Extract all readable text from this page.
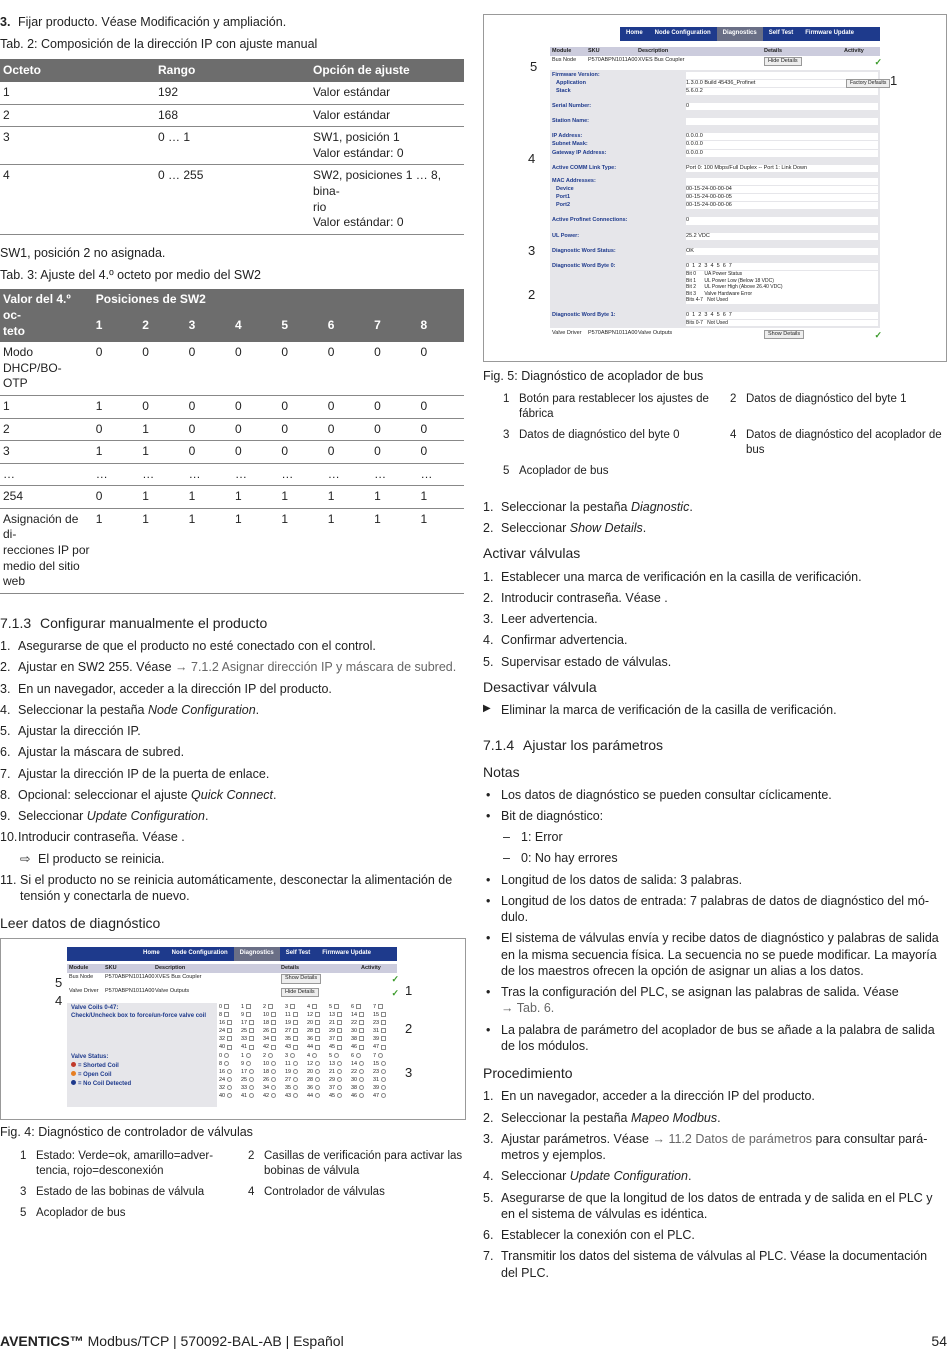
3. Fijar producto. Véase Modificación y ampliación.
Tab. 2: Composición de la dirección IP con ajuste manual
Octeto	Rango	Opción de ajuste
1	192	Valor estándar
2	168	Valor estándar
3	0 … 1	SW1, posición 1
Valor estándar: 0
4	0 … 255	SW2, posiciones 1 … 8, bina-
rio
Valor estándar: 0
SW1, posición 2 no asignada.
Tab. 3: Ajuste del 4.º octeto por medio del SW2
Valor del 4.º oc-
teto	Posiciones de SW2							
	1	2	3	4	5	6	7	8
Modo DHCP/BO-
OTP	0	0	0	0	0	0	0	0
1	1	0	0	0	0	0	0	0
2	0	1	0	0	0	0	0	0
3	1	1	0	0	0	0	0	0
…	…	…	…	…	…	…	…	…
254	0	1	1	1	1	1	1	1
Asignación de di-
recciones IP por
medio del sitio
web	1	1	1	1	1	1	1	1
7.1.3 Configurar manualmente el producto
1. Asegurarse de que el producto no esté conectado con el control.
2. Ajustar en SW2 255. Véase → 7.1.2 Asignar dirección IP y máscara de subred.
3. En un navegador, acceder a la dirección IP del producto.
4. Seleccionar la pestaña Node Configuration.
5. Ajustar la dirección IP.
6. Ajustar la máscara de subred.
7. Ajustar la dirección IP de la puerta de enlace.
8. Opcional: seleccionar el ajuste Quick Connect.
9. Seleccionar Update Configuration.
10. Introducir contraseña. Véase .
⇨ El producto se reinicia.
11. Si el producto no se reinicia automáticamente, desconectar la alimentación de tensión y conectarla de nuevo.
Leer datos de diagnóstico
Home	Node Configuration	Diagnostics	Self Test	Firmware Update
Module	SKU	Description	Details	Activity
Bus Node	P570ABPN1011A00 XVES Bus Coupler	Show Details	✓
Valve Driver	P570ABPN1011A00 Valve Outputs	Hide Details	✓
Valve Coils 0-47:
Check/Uncheck box to force/un-force valve coil
Valve Status:
= Shorted Coil
= Open Coil
= No Coil Detected
0	1	2	3	4	5	6	7
8	9	10	11	12	13	14	15
16	17	18	19	20	21	22	23
24	25	26	27	28	29	30	31
32	33	34	35	36	37	38	39
40	41	42	43	44	45	46	47
0	1	2	3	4	5	6	7
8	9	10	11	12	13	14	15
16	17	18	19	20	21	22	23
24	25	26	27	28	29	30	31
32	33	34	35	36	37	38	39
40	41	42	43	44	45	46	47
5
4
1
2
3
Fig. 4: Diagnóstico de controlador de válvulas
1 Estado: Verde=ok, amarillo=adver-
tencia, rojo=desconexión
2 Casillas de verificación para activar las bobinas de válvula
3 Estado de las bobinas de válvula	4 Controlador de válvulas
5 Acoplador de bus
Home	Node Configuration	Diagnostics	Self Test	Firmware Update
Module	SKU	Description	Details	Activity
Bus Node	P570ABPN1011A00 XVES Bus Coupler	Hide Details	✓
Firmware Version:
Application	1.3.0.0 Build 45436_Profinet
Stack	5.6.0.2
Serial Number:	0
Station Name:
IP Address:	0.0.0.0
Subnet Mask:	0.0.0.0
Gateway IP Address:	0.0.0.0
Active COMM Link Type:	Port 0: 100 Mbps/Full Duplex -- Port 1: Link Down
MAC Addresses:
Device	00-15-24-00-00-04
Port1	00-15-24-00-00-05
Port2	00-15-24-00-00-06
Active Profinet Connections:	0
UL Power:	25.2 VDC
Diagnostic Word Status:	OK
Diagnostic Word Byte 0:	0  1  2  3  4  5  6  7
Bit 0      UA Power Status
Bit 1      UL Power Low (Below 18 VDC)
Bit 2      UL Power High (Above 26.40 VDC)
Bit 3      Valve Hardware Error
Bits 4-7   Not Used
Diagnostic Word Byte 1:	0  1  2  3  4  5  6  7
Bits 0-7   Not Used
Valve Driver	P570ABPN1011A00 Valve Outputs	Show Details	✓
Factory Defaults
5
1
4
3
2
Fig. 5: Diagnóstico de acoplador de bus
1 Botón para restablecer los ajustes de fábrica
2 Datos de diagnóstico del byte 1
3 Datos de diagnóstico del byte 0	4 Datos de diagnóstico del acoplador de bus
5 Acoplador de bus
1. Seleccionar la pestaña Diagnostic.
2. Seleccionar Show Details.
Activar válvulas
1. Establecer una marca de verificación en la casilla de verificación.
2. Introducir contraseña. Véase .
3. Leer advertencia.
4. Confirmar advertencia.
5. Supervisar estado de válvulas.
Desactivar válvula
▶ Eliminar la marca de verificación de la casilla de verificación.
7.1.4 Ajustar los parámetros
Notas
• Los datos de diagnóstico se pueden consultar cíclicamente.
• Bit de diagnóstico:
– 1: Error
– 0: No hay errores
• Longitud de los datos de salida: 3 palabras.
• Longitud de los datos de entrada: 7 palabras de datos de diagnóstico del mó-
dulo.
• El sistema de válvulas envía y recibe datos de diagnóstico y palabras de salida en la misma secuencia física. La secuencia no se puede modificar. La mayoría de los maestros ofrecen la opción de asignar un alias a los datos.
• Tras la configuración del PLC, se asignan las palabras de salida. Véase
→ Tab. 6.
• La palabra de parámetro del acoplador de bus se añade a la palabra de salida de los módulos.
Procedimiento
1. En un navegador, acceder a la dirección IP del producto.
2. Seleccionar la pestaña Mapeo Modbus.
3. Ajustar parámetros. Véase → 11.2 Datos de parámetros para consultar pará-
metros y ejemplos.
4. Seleccionar Update Configuration.
5. Asegurarse de que la longitud de los datos de entrada y de salida en el PLC y en el sistema de válvulas es idéntica.
6. Establecer la conexión con el PLC.
7. Transmitir los datos del sistema de válvulas al PLC. Véase la documentación del PLC.
AVENTICS™ Modbus/TCP | 570092-BAL-AB | Español	54
